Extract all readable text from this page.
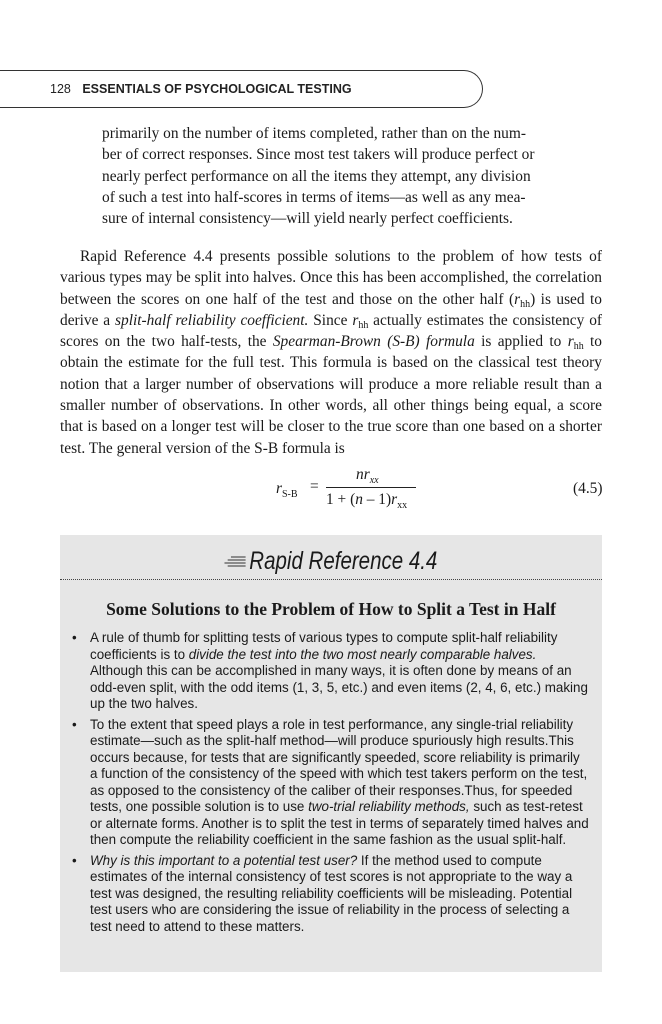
128 ESSENTIALS OF PSYCHOLOGICAL TESTING
primarily on the number of items completed, rather than on the num-
ber of correct responses. Since most test takers will produce perfect or
nearly perfect performance on all the items they attempt, any division
of such a test into half-scores in terms of items—as well as any mea-
sure of internal consistency—will yield nearly perfect coefficients.

Rapid Reference 4.4 presents possible solutions to the problem of how tests of various types may be split into halves. Once this has been accomplished, the correlation between the scores on one half of the test and those on the other half $(r_{hh})$ is used to derive a split-half reliability coefficient. Since $r_{hh}$ actually estimates the consistency of scores on the two half-tests, the Spearman-Brown (S-B) formula is applied to $r_{hh}$ to obtain the estimate for the full test. This formula is based on the classical test theory notion that a larger number of observations will produce a more reliable result than a smaller number of observations. In other words, all other things being equal, a score that is based on a longer test will be closer to the true score than one based on a shorter test. The general version of the S-B formula is

$r_{S-B}$ =
$nr_{xx}$
$1 + (n - 1)r_{xx}$
(4.5)
Rapid Reference 4.4
Some Solutions to the Problem of How to Split a Test in Half
• A rule of thumb for splitting tests of various types to compute split-half reliability coefficients is to divide the test into the two most nearly comparable halves. Although this can be accomplished in many ways, it is often done by means of an odd-even split, with the odd items (1, 3, 5, etc.) and even items (2, 4, 6, etc.) making up the two halves.
• To the extent that speed plays a role in test performance, any single-trial reliability estimate—such as the split-half method—will produce spuriously high results.This occurs because, for tests that are significantly speeded, score reliability is primarily a function of the consistency of the speed with which test takers perform on the test, as opposed to the consistency of the caliber of their responses.Thus, for speeded tests, one possible solution is to use two-trial reliability methods, such as test-retest or alternate forms. Another is to split the test in terms of separately timed halves and then compute the reliability coefficient in the same fashion as the usual split-half.
• Why is this important to a potential test user? If the method used to compute estimates of the internal consistency of test scores is not appropriate to the way a test was designed, the resulting reliability coefficients will be misleading. Potential test users who are considering the issue of reliability in the process of selecting a test need to attend to these matters.
